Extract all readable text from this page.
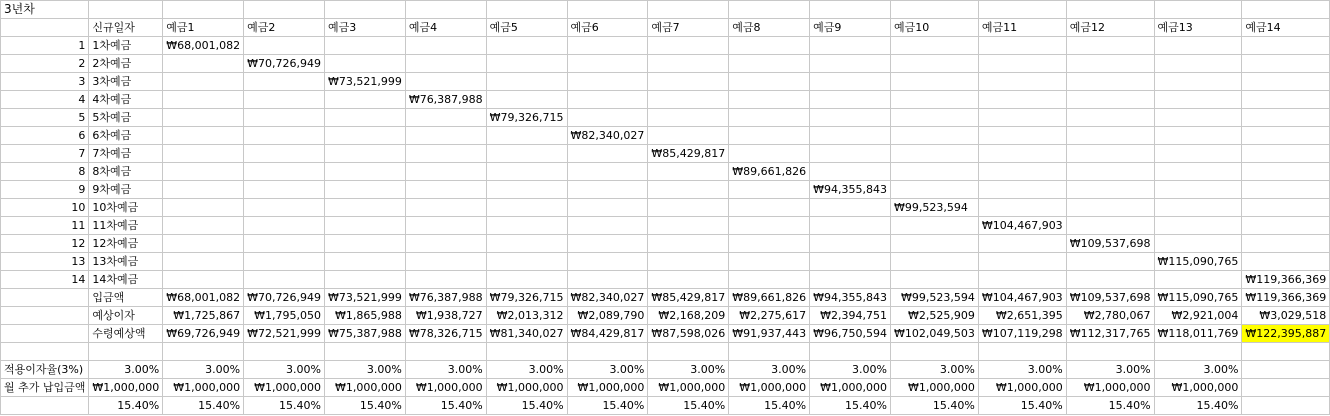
3년차															
	신규일자	예금1	예금2	예금3	예금4	예금5	예금6	예금7	예금8	예금9	예금10	예금11	예금12	예금13	예금14
1	1차예금	₩68,001,082													
2	2차예금		₩70,726,949												
3	3차예금			₩73,521,999											
4	4차예금				₩76,387,988										
5	5차예금					₩79,326,715									
6	6차예금						₩82,340,027								
7	7차예금							₩85,429,817							
8	8차예금								₩89,661,826						
9	9차예금									₩94,355,843					
10	10차예금										₩99,523,594				
11	11차예금											₩104,467,903			
12	12차예금												₩109,537,698		
13	13차예금													₩115,090,765	
14	14차예금														₩119,366,369
	입금액	₩68,001,082	₩70,726,949	₩73,521,999	₩76,387,988	₩79,326,715	₩82,340,027	₩85,429,817	₩89,661,826	₩94,355,843	₩99,523,594	₩104,467,903	₩109,537,698	₩115,090,765	₩119,366,369
	예상이자	₩1,725,867	₩1,795,050	₩1,865,988	₩1,938,727	₩2,013,312	₩2,089,790	₩2,168,209	₩2,275,617	₩2,394,751	₩2,525,909	₩2,651,395	₩2,780,067	₩2,921,004	₩3,029,518
	수령예상액	₩69,726,949	₩72,521,999	₩75,387,988	₩78,326,715	₩81,340,027	₩84,429,817	₩87,598,026	₩91,937,443	₩96,750,594	₩102,049,503	₩107,119,298	₩112,317,765	₩118,011,769	₩122,395,887

적용이자율(3%)	3.00%	3.00%	3.00%	3.00%	3.00%	3.00%	3.00%	3.00%	3.00%	3.00%	3.00%	3.00%	3.00%	3.00%	
월 추가 납입금액	₩1,000,000	₩1,000,000	₩1,000,000	₩1,000,000	₩1,000,000	₩1,000,000	₩1,000,000	₩1,000,000	₩1,000,000	₩1,000,000	₩1,000,000	₩1,000,000	₩1,000,000	₩1,000,000	
	15.40%	15.40%	15.40%	15.40%	15.40%	15.40%	15.40%	15.40%	15.40%	15.40%	15.40%	15.40%	15.40%	15.40%	
